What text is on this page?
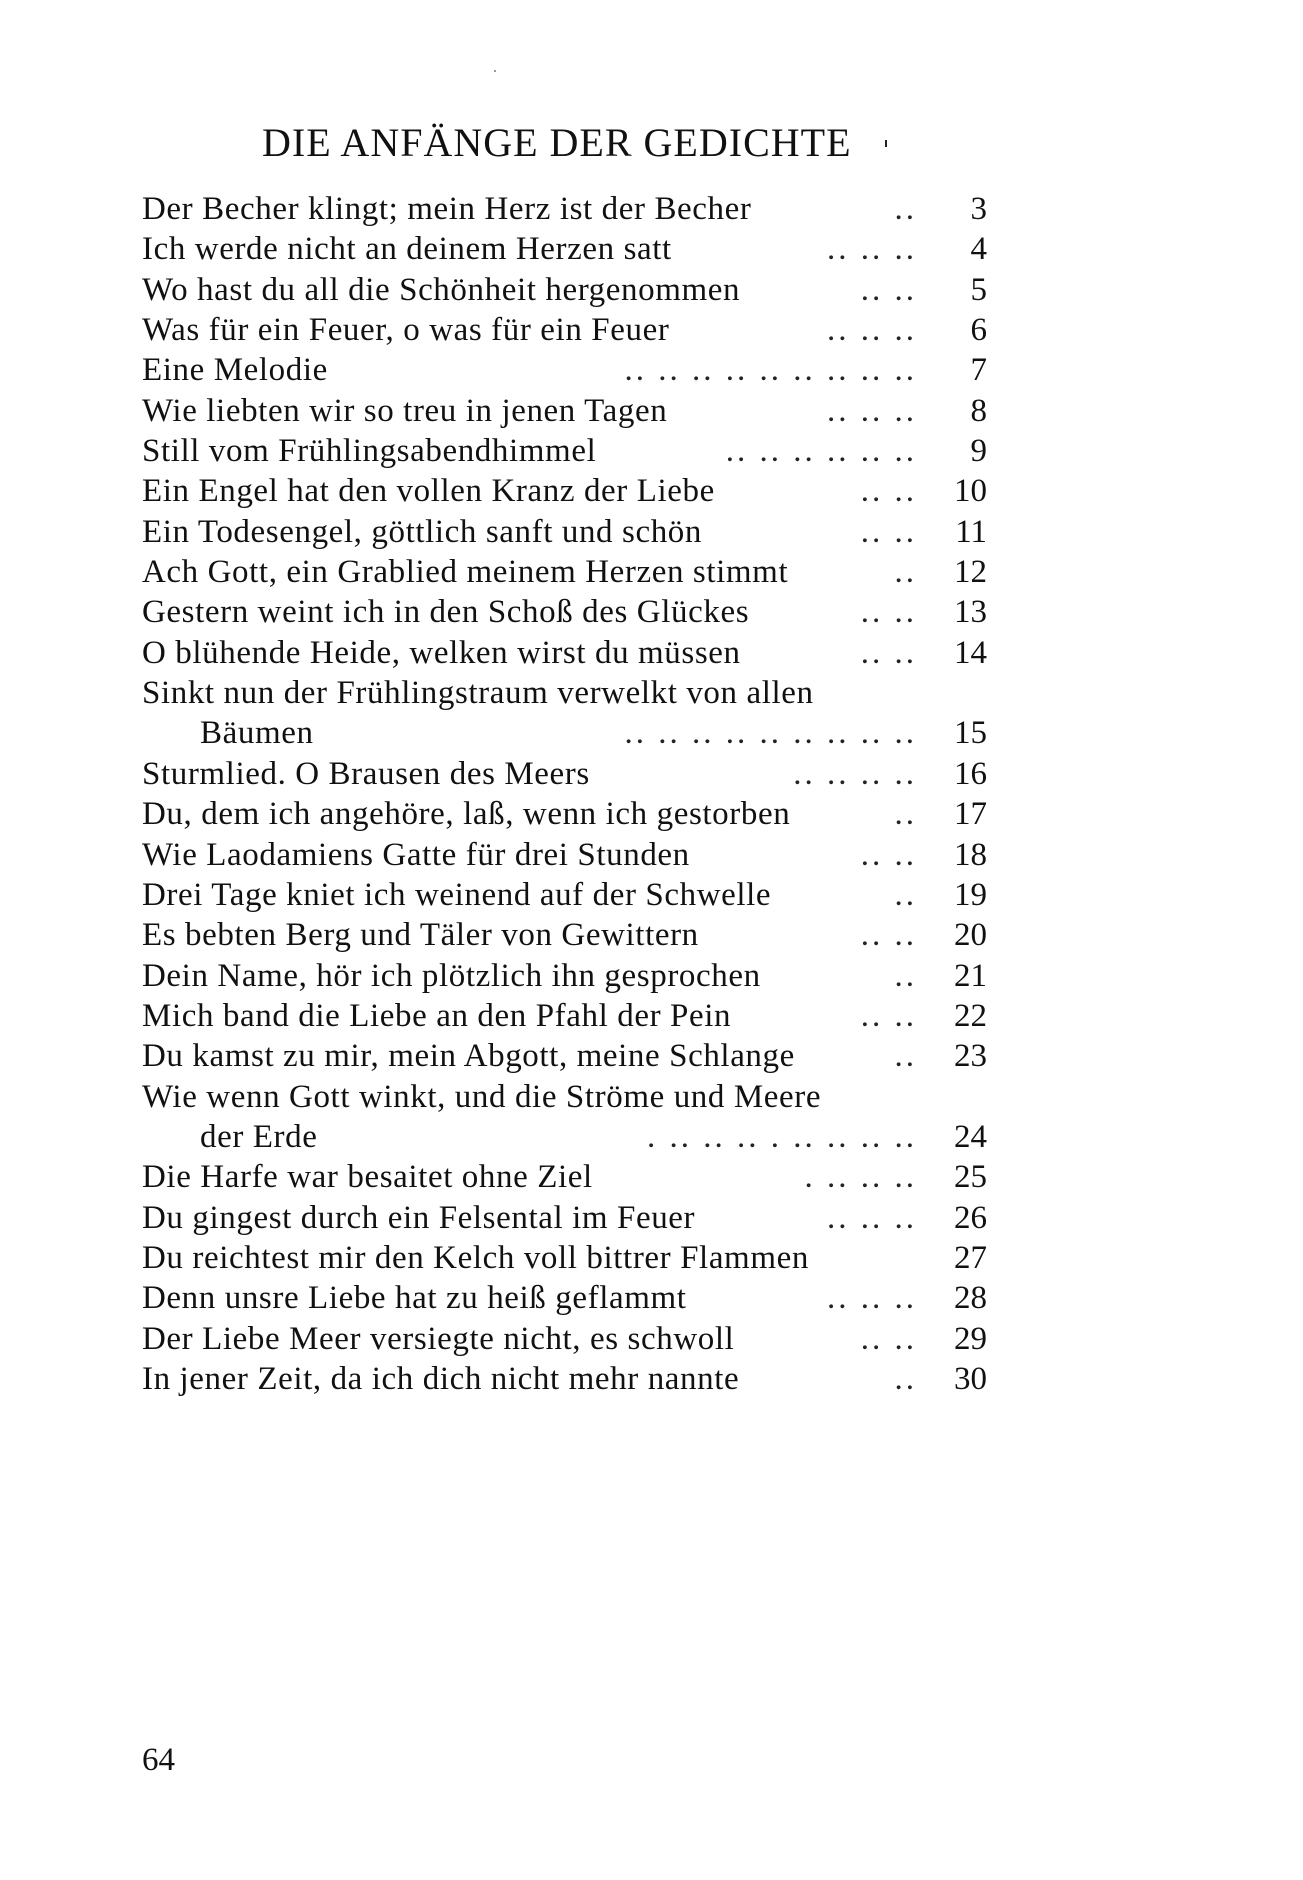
DIE ANFÄNGE DER GEDICHTE
Der Becher klingt; mein Herz ist der Becher	..	3
Ich werde nicht an deinem Herzen satt	.. .. ..	4
Wo hast du all die Schönheit hergenommen	.. ..	5
Was für ein Feuer, o was für ein Feuer	.. .. ..	6
Eine Melodie	.. .. .. .. .. .. .. .. ..	7
Wie liebten wir so treu in jenen Tagen	.. .. ..	8
Still vom Frühlingsabendhimmel	.. .. .. .. .. ..	9
Ein Engel hat den vollen Kranz der Liebe	.. ..	10
Ein Todesengel, göttlich sanft und schön	.. ..	11
Ach Gott, ein Grablied meinem Herzen stimmt	..	12
Gestern weint ich in den Schoß des Glückes	.. ..	13
O blühende Heide, welken wirst du müssen	.. ..	14
Sinkt nun der Frühlingstraum verwelkt von allen
Bäumen	.. .. .. .. .. .. .. .. ..	15
Sturmlied. O Brausen des Meers	.. .. .. ..	16
Du, dem ich angehöre, laß, wenn ich gestorben	..	17
Wie Laodamiens Gatte für drei Stunden	.. ..	18
Drei Tage kniet ich weinend auf der Schwelle	..	19
Es bebten Berg und Täler von Gewittern	.. ..	20
Dein Name, hör ich plötzlich ihn gesprochen	..	21
Mich band die Liebe an den Pfahl der Pein	.. ..	22
Du kamst zu mir, mein Abgott, meine Schlange	..	23
Wie wenn Gott winkt, und die Ströme und Meere
der Erde	. .. .. .. . .. .. .. ..	24
Die Harfe war besaitet ohne Ziel	. .. .. ..	25
Du gingest durch ein Felsental im Feuer	.. .. ..	26
Du reichtest mir den Kelch voll bittrer Flammen	27
Denn unsre Liebe hat zu heiß geflammt	.. .. ..	28
Der Liebe Meer versiegte nicht, es schwoll	.. ..	29
In jener Zeit, da ich dich nicht mehr nannte	..	30
64
